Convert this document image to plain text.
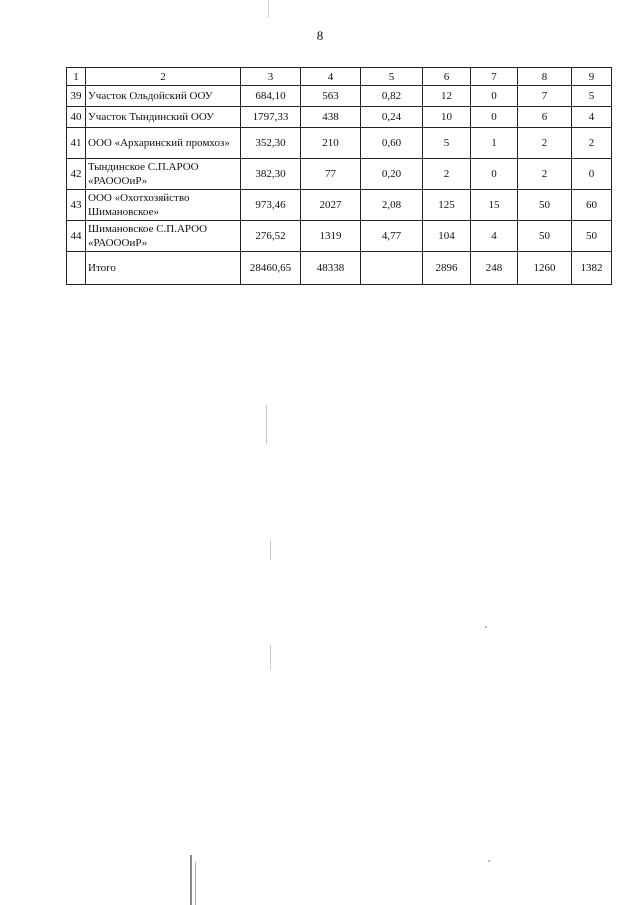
8
1	2	3	4	5	6	7	8	9
39	Участок Ольдойский ООУ	684,10	563	0,82	12	0	7	5
40	Участок Тындинский ООУ	1797,33	438	0,24	10	0	6	4
41	ООО «Архаринский промхоз»	352,30	210	0,60	5	1	2	2
42	Тындинское С.П.АРОО «РАОООиР»	382,30	77	0,20	2	0	2	0
43	ООО «Охотхозяйство Шимановское»	973,46	2027	2,08	125	15	50	60
44	Шимановское С.П.АРОО «РАОООиР»	276,52	1319	4,77	104	4	50	50
	Итого	28460,65	48338		2896	248	1260	1382
